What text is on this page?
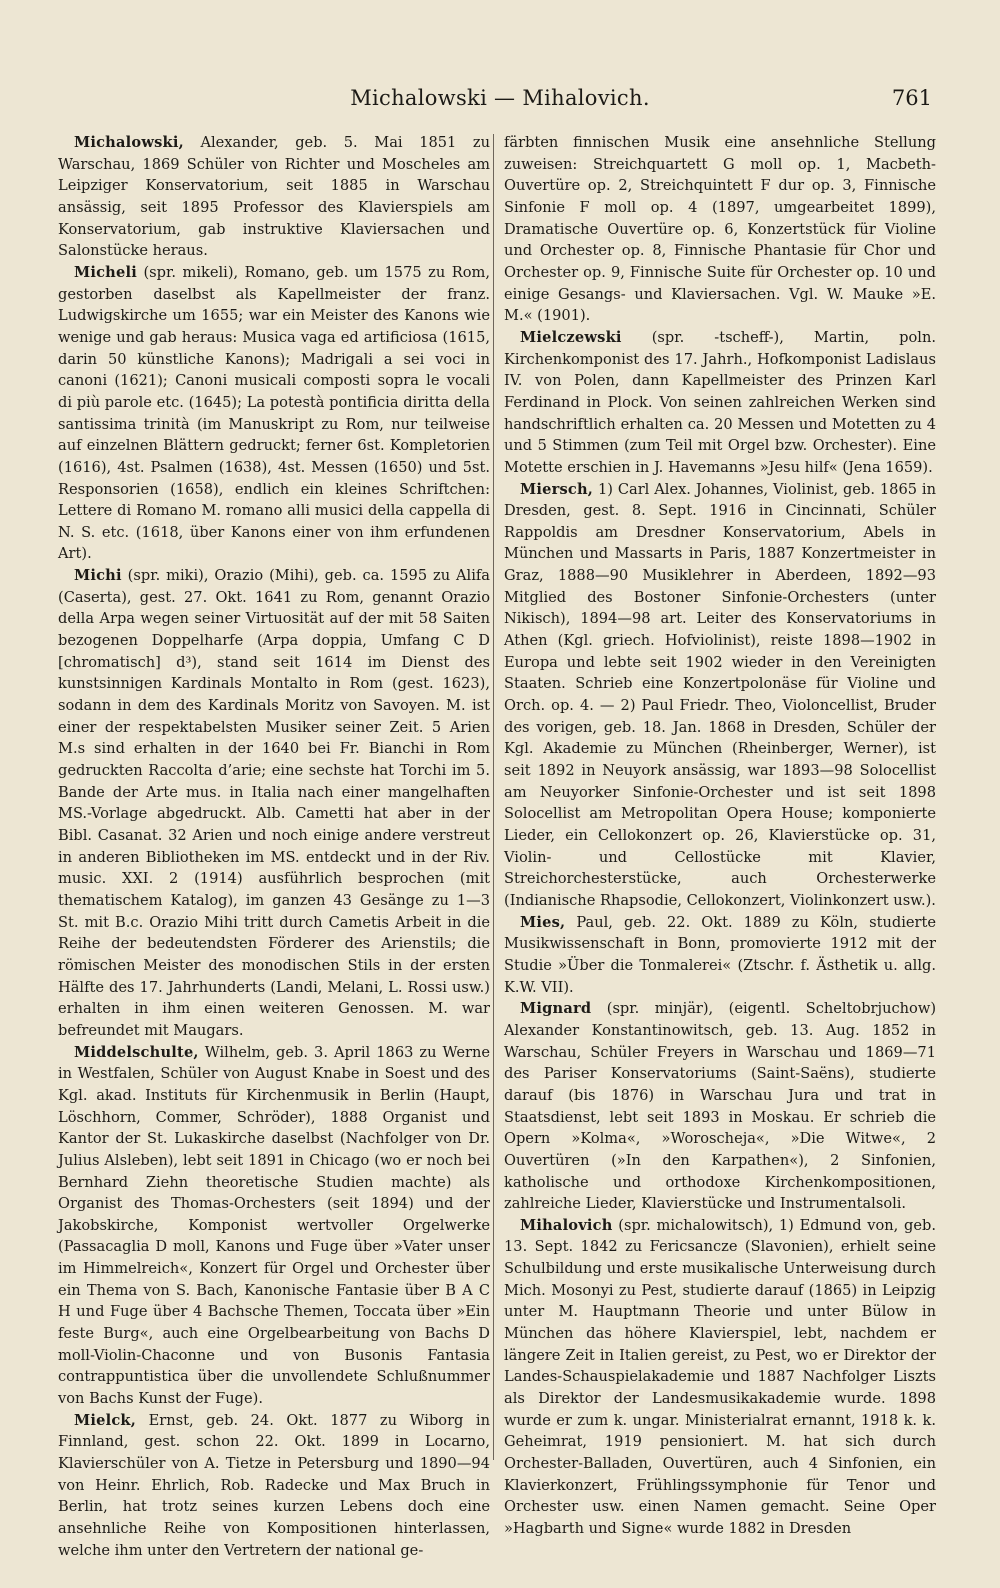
Michalowski — Mihalovich.	761

Michalowski, Alexander, geb. 5. Mai 1851 zu Warschau, 1869 Schüler von Richter und Moscheles am Leipziger Konservatorium, seit 1885 in Warschau ansässig, seit 1895 Professor des Klavierspiels am Konservatorium, gab instruktive Klaviersachen und Salonstücke heraus.

Micheli (spr. mikeli), Romano, geb. um 1575 zu Rom, gestorben daselbst als Kapellmeister der franz. Ludwigskirche um 1655; war ein Meister des Kanons wie wenige und gab heraus: Musica vaga ed artificiosa (1615, darin 50 künstliche Kanons); Madrigali a sei voci in canoni (1621); Canoni musicali composti sopra le vocali di più parole etc. (1645); La potestà pontificia diritta della santissima trinità (im Manuskript zu Rom, nur teilweise auf einzelnen Blättern gedruckt; ferner 6st. Kompletorien (1616), 4st. Psalmen (1638), 4st. Messen (1650) und 5st. Responsorien (1658), endlich ein kleines Schriftchen: Lettere di Romano M. romano alli musici della cappella di N. S. etc. (1618, über Kanons einer von ihm erfundenen Art).

Michi (spr. miki), Orazio (Mihi), geb. ca. 1595 zu Alifa (Caserta), gest. 27. Okt. 1641 zu Rom, genannt Orazio della Arpa wegen seiner Virtuosität auf der mit 58 Saiten bezogenen Doppelharfe (Arpa doppia, Umfang C D [chromatisch] d³), stand seit 1614 im Dienst des kunstsinnigen Kardinals Montalto in Rom (gest. 1623), sodann in dem des Kardinals Moritz von Savoyen. M. ist einer der respektabelsten Musiker seiner Zeit. 5 Arien M.s sind erhalten in der 1640 bei Fr. Bianchi in Rom gedruckten Raccolta d’arie; eine sechste hat Torchi im 5. Bande der Arte mus. in Italia nach einer mangelhaften MS.-Vorlage abgedruckt. Alb. Cametti hat aber in der Bibl. Casanat. 32 Arien und noch einige andere verstreut in anderen Bibliotheken im MS. entdeckt und in der Riv. music. XXI. 2 (1914) ausführlich besprochen (mit thematischem Katalog), im ganzen 43 Gesänge zu 1—3 St. mit B.c. Orazio Mihi tritt durch Cametis Arbeit in die Reihe der bedeutendsten Förderer des Arienstils; die römischen Meister des monodischen Stils in der ersten Hälfte des 17. Jahrhunderts (Landi, Melani, L. Rossi usw.) erhalten in ihm einen weiteren Genossen. M. war befreundet mit Maugars.

Middelschulte, Wilhelm, geb. 3. April 1863 zu Werne in Westfalen, Schüler von August Knabe in Soest und des Kgl. akad. Instituts für Kirchenmusik in Berlin (Haupt, Löschhorn, Commer, Schröder), 1888 Organist und Kantor der St. Lukaskirche daselbst (Nachfolger von Dr. Julius Alsleben), lebt seit 1891 in Chicago (wo er noch bei Bernhard Ziehn theoretische Studien machte) als Organist des Thomas-Orchesters (seit 1894) und der Jakobskirche, Komponist wertvoller Orgelwerke (Passacaglia D moll, Kanons und Fuge über »Vater unser im Himmelreich«, Konzert für Orgel und Orchester über ein Thema von S. Bach, Kanonische Fantasie über B A C H und Fuge über 4 Bachsche Themen, Toccata über »Ein feste Burg«, auch eine Orgelbearbeitung von Bachs D moll-Violin-Chaconne und von Busonis Fantasia contrappuntistica über die unvollendete Schlußnummer von Bachs Kunst der Fuge).

Mielck, Ernst, geb. 24. Okt. 1877 zu Wiborg in Finnland, gest. schon 22. Okt. 1899 in Locarno, Klavierschüler von A. Tietze in Petersburg und 1890—94 von Heinr. Ehrlich, Rob. Radecke und Max Bruch in Berlin, hat trotz seines kurzen Lebens doch eine ansehnliche Reihe von Kompositionen hinterlassen, welche ihm unter den Vertretern der national ge-

färbten finnischen Musik eine ansehnliche Stellung zuweisen: Streichquartett G moll op. 1, Macbeth-Ouvertüre op. 2, Streichquintett F dur op. 3, Finnische Sinfonie F moll op. 4 (1897, umgearbeitet 1899), Dramatische Ouvertüre op. 6, Konzertstück für Violine und Orchester op. 8, Finnische Phantasie für Chor und Orchester op. 9, Finnische Suite für Orchester op. 10 und einige Gesangs- und Klaviersachen. Vgl. W. Mauke »E. M.« (1901).

Mielczewski (spr. -tscheff-), Martin, poln. Kirchenkomponist des 17. Jahrh., Hofkomponist Ladislaus IV. von Polen, dann Kapellmeister des Prinzen Karl Ferdinand in Plock. Von seinen zahlreichen Werken sind handschriftlich erhalten ca. 20 Messen und Motetten zu 4 und 5 Stimmen (zum Teil mit Orgel bzw. Orchester). Eine Motette erschien in J. Havemanns »Jesu hilf« (Jena 1659).

Miersch, 1) Carl Alex. Johannes, Violinist, geb. 1865 in Dresden, gest. 8. Sept. 1916 in Cincinnati, Schüler Rappoldis am Dresdner Konservatorium, Abels in München und Massarts in Paris, 1887 Konzertmeister in Graz, 1888—90 Musiklehrer in Aberdeen, 1892—93 Mitglied des Bostoner Sinfonie-Orchesters (unter Nikisch), 1894—98 art. Leiter des Konservatoriums in Athen (Kgl. griech. Hofviolinist), reiste 1898—1902 in Europa und lebte seit 1902 wieder in den Vereinigten Staaten. Schrieb eine Konzertpolonäse für Violine und Orch. op. 4. — 2) Paul Friedr. Theo, Violoncellist, Bruder des vorigen, geb. 18. Jan. 1868 in Dresden, Schüler der Kgl. Akademie zu München (Rheinberger, Werner), ist seit 1892 in Neuyork ansässig, war 1893—98 Solocellist am Neuyorker Sinfonie-Orchester und ist seit 1898 Solocellist am Metropolitan Opera House; komponierte Lieder, ein Cellokonzert op. 26, Klavierstücke op. 31, Violin- und Cellostücke mit Klavier, Streichorchesterstücke, auch Orchesterwerke (Indianische Rhapsodie, Cellokonzert, Violinkonzert usw.).

Mies, Paul, geb. 22. Okt. 1889 zu Köln, studierte Musikwissenschaft in Bonn, promovierte 1912 mit der Studie »Über die Tonmalerei« (Ztschr. f. Ästhetik u. allg. K.W. VII).

Mignard (spr. minjär), (eigentl. Scheltobrjuchow) Alexander Konstantinowitsch, geb. 13. Aug. 1852 in Warschau, Schüler Freyers in Warschau und 1869—71 des Pariser Konservatoriums (Saint-Saëns), studierte darauf (bis 1876) in Warschau Jura und trat in Staatsdienst, lebt seit 1893 in Moskau. Er schrieb die Opern »Kolma«, »Woroscheja«, »Die Witwe«, 2 Ouvertüren (»In den Karpathen«), 2 Sinfonien, katholische und orthodoxe Kirchenkompositionen, zahlreiche Lieder, Klavierstücke und Instrumentalsoli.

Mihalovich (spr. michalowitsch), 1) Edmund von, geb. 13. Sept. 1842 zu Fericsancze (Slavonien), erhielt seine Schulbildung und erste musikalische Unterweisung durch Mich. Mosonyi zu Pest, studierte darauf (1865) in Leipzig unter M. Hauptmann Theorie und unter Bülow in München das höhere Klavierspiel, lebt, nachdem er längere Zeit in Italien gereist, zu Pest, wo er Direktor der Landes-Schauspielakademie und 1887 Nachfolger Liszts als Direktor der Landesmusikakademie wurde. 1898 wurde er zum k. ungar. Ministerialrat ernannt, 1918 k. k. Geheimrat, 1919 pensioniert. M. hat sich durch Orchester-Balladen, Ouvertüren, auch 4 Sinfonien, ein Klavierkonzert, Frühlingssymphonie für Tenor und Orchester usw. einen Namen gemacht. Seine Oper »Hagbarth und Signe« wurde 1882 in Dresden
